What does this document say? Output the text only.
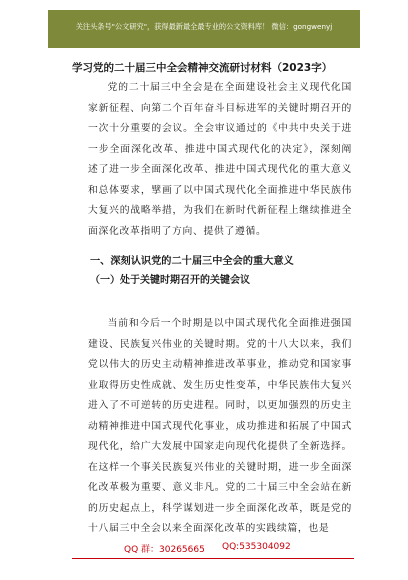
关注头条号"公文研究"，获得最新最全最专业的公文资料库！ 微信：gongwenyj
学习党的二十届三中全会精神交流研讨材料（2023字）

党的二十届三中全会是在全面建设社会主义现代化国家新征程、向第二个百年奋斗目标进军的关键时期召开的一次十分重要的会议。全会审议通过的《中共中央关于进一步全面深化改革、推进中国式现代化的决定》，深刻阐述了进一步全面深化改革、推进中国式现代化的重大意义和总体要求，擘画了以中国式现代化全面推进中华民族伟大复兴的战略举措，为我们在新时代新征程上继续推进全面深化改革指明了方向、提供了遵循。

一、深刻认识党的二十届三中全会的重大意义
（一）处于关键时期召开的关键会议

当前和今后一个时期是以中国式现代化全面推进强国建设、民族复兴伟业的关键时期。党的十八大以来，我们党以伟大的历史主动精神推进改革事业，推动党和国家事业取得历史性成就、发生历史性变革，中华民族伟大复兴进入了不可逆转的历史进程。同时，以更加强烈的历史主动精神推进中国式现代化事业，成功推进和拓展了中国式现代化，给广大发展中国家走向现代化提供了全新选择。在这样一个事关民族复兴伟业的关键时期，进一步全面深化改革极为重要、意义非凡。党的二十届三中全会站在新的历史起点上，科学谋划进一步全面深化改革，既是党的十八届三中全会以来全面深化改革的实践续篇，也是

QQ 群：30265665 QQ:535304092
